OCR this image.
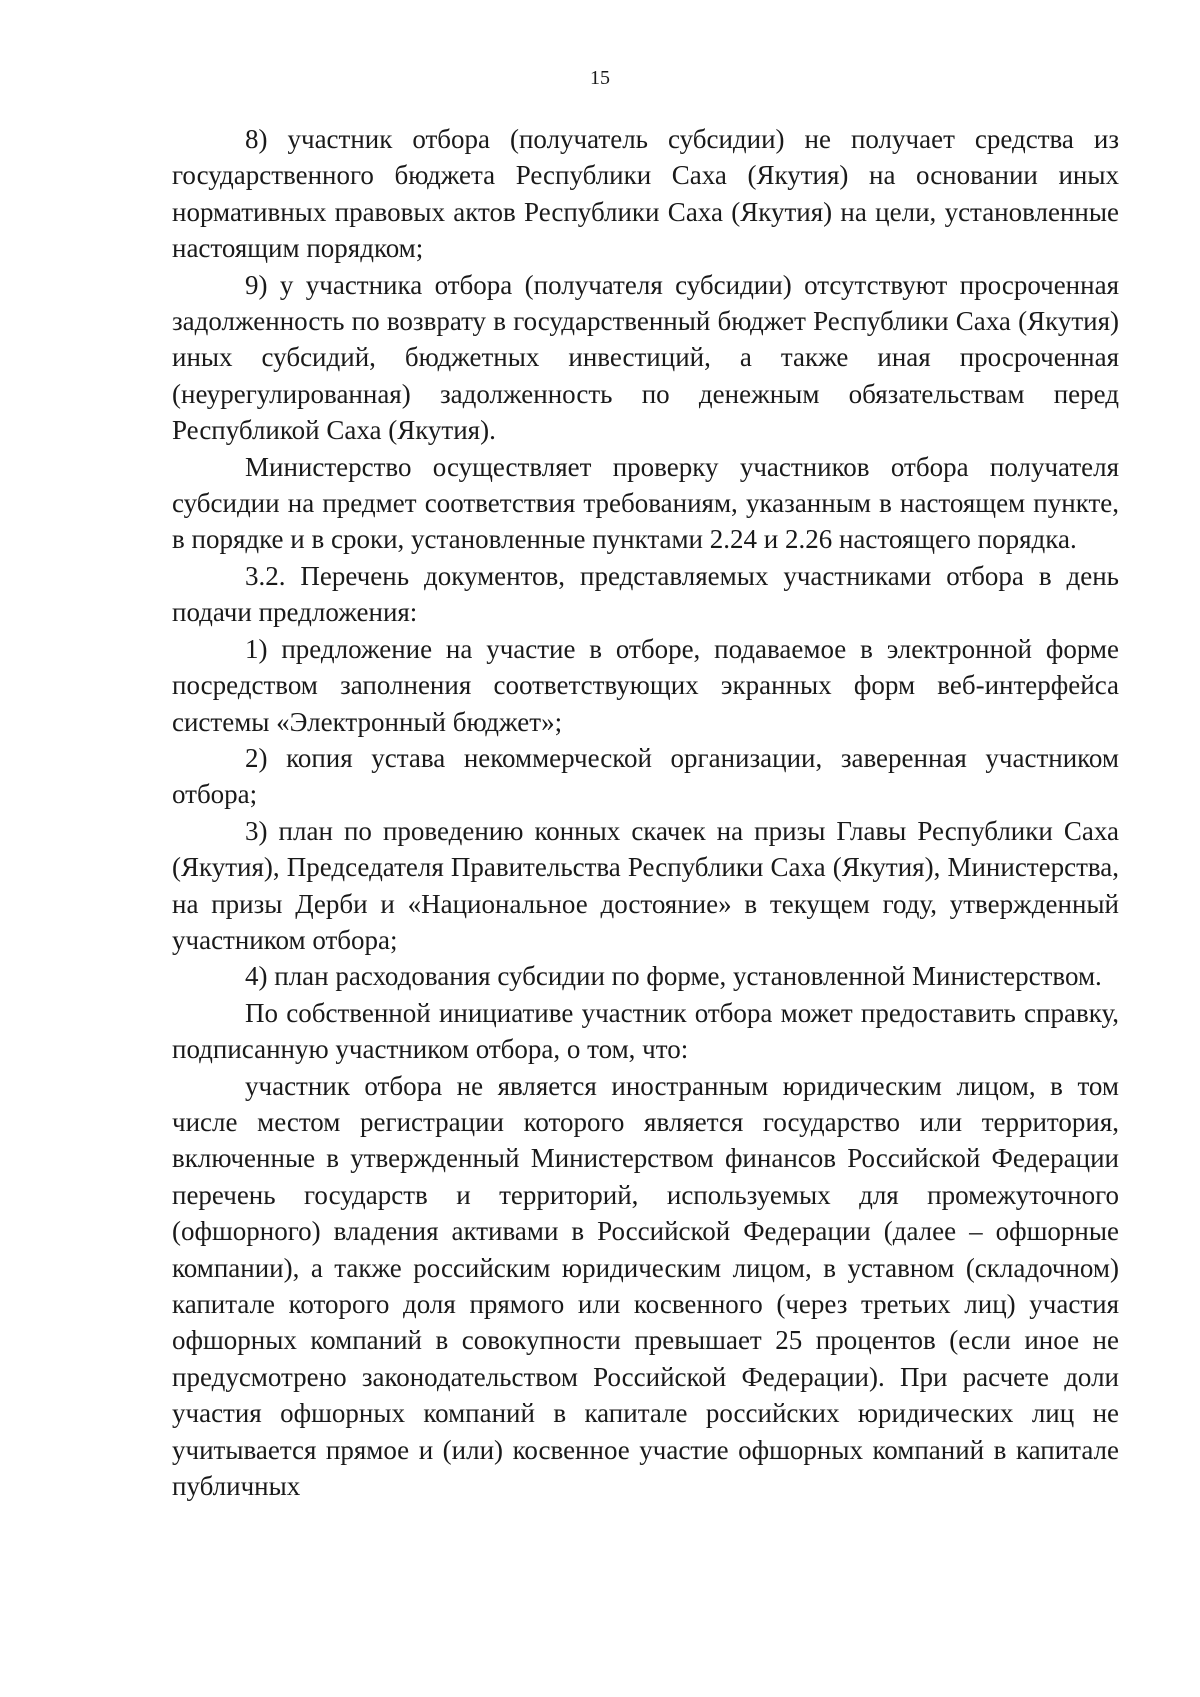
15

8) участник отбора (получатель субсидии) не получает средства из государственного бюджета Республики Саха (Якутия) на основании иных нормативных правовых актов Республики Саха (Якутия) на цели, установленные настоящим порядком;

9) у участника отбора (получателя субсидии) отсутствуют просроченная задолженность по возврату в государственный бюджет Республики Саха (Якутия) иных субсидий, бюджетных инвестиций, а также иная просроченная (неурегулированная) задолженность по денежным обязательствам перед Республикой Саха (Якутия).

Министерство осуществляет проверку участников отбора получателя субсидии на предмет соответствия требованиям, указанным в настоящем пункте, в порядке и в сроки, установленные пунктами 2.24 и 2.26 настоящего порядка.

3.2. Перечень документов, представляемых участниками отбора в день подачи предложения:

1) предложение на участие в отборе, подаваемое в электронной форме посредством заполнения соответствующих экранных форм веб-интерфейса системы «Электронный бюджет»;

2) копия устава некоммерческой организации, заверенная участником отбора;

3) план по проведению конных скачек на призы Главы Республики Саха (Якутия), Председателя Правительства Республики Саха (Якутия), Министерства, на призы Дерби и «Национальное достояние» в текущем году, утвержденный участником отбора;

4) план расходования субсидии по форме, установленной Министерством.

По собственной инициативе участник отбора может предоставить справку, подписанную участником отбора, о том, что:

участник отбора не является иностранным юридическим лицом, в том числе местом регистрации которого является государство или территория, включенные в утвержденный Министерством финансов Российской Федерации перечень государств и территорий, используемых для промежуточного (офшорного) владения активами в Российской Федерации (далее – офшорные компании), а также российским юридическим лицом, в уставном (складочном) капитале которого доля прямого или косвенного (через третьих лиц) участия офшорных компаний в совокупности превышает 25 процентов (если иное не предусмотрено законодательством Российской Федерации). При расчете доли участия офшорных компаний в капитале российских юридических лиц не учитывается прямое и (или) косвенное участие офшорных компаний в капитале публичных
